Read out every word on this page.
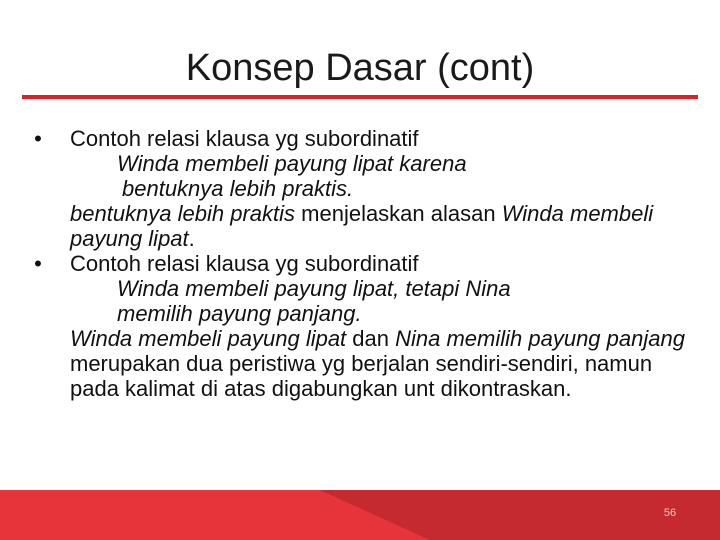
Konsep Dasar (cont)

• Contoh relasi klausa yg subordinatif

Winda membeli payung lipat karena

bentuknya lebih praktis.

bentuknya lebih praktis menjelaskan alasan Winda membeli payung lipat.

• Contoh relasi klausa yg subordinatif

Winda membeli payung lipat, tetapi Nina

memilih payung panjang.

Winda membeli payung lipat dan Nina memilih payung panjang merupakan dua peristiwa yg berjalan sendiri-sendiri, namun pada kalimat di atas digabungkan unt dikontraskan.

56
